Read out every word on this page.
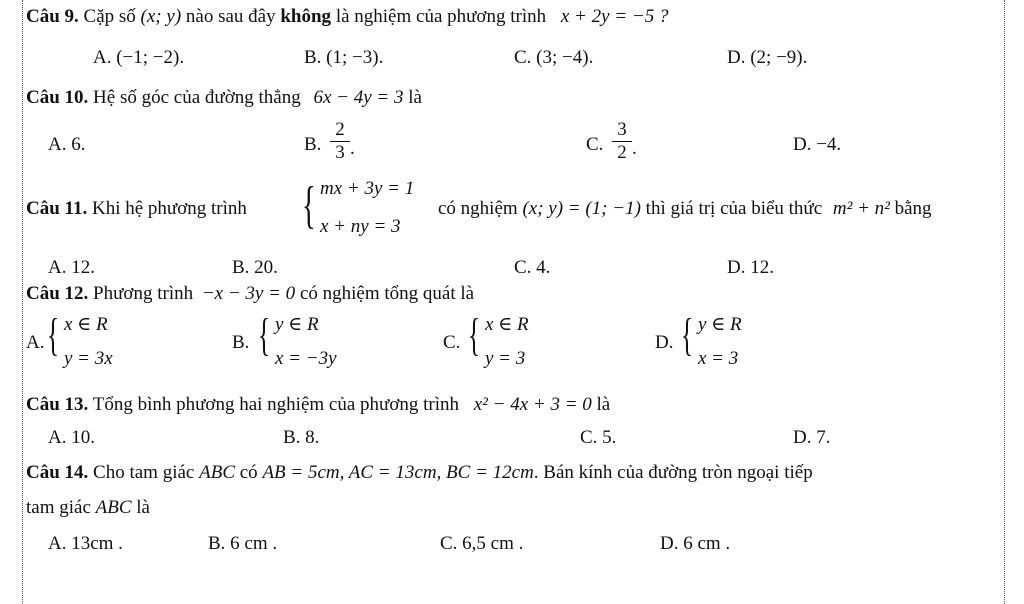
Câu 9. Cặp số (x; y) nào sau đây không là nghiệm của phương trình x + 2y = −5 ?
A. (−1; −2).	B. (1; −3).	C. (3; −4).	D. (2; −9).
Câu 10. Hệ số góc của đường thẳng 6x − 4y = 3 là
A. 6.	B.
2
3 .	C.
3
2 .	D. −4.
Câu 11. Khi hệ phương trình { mx + 3y = 1
x + ny = 3
có nghiệm (x; y) = (1; −1) thì giá trị của biểu thức m² + n² bằng
A. 12.	B. 20.	C. 4.	D. 12.
Câu 12. Phương trình −x − 3y = 0 có nghiệm tổng quát là
A. { x ∈ R
y = 3x
B. { y ∈ R
x = −3y
C. { x ∈ R
y = 3
D. { y ∈ R
x = 3
Câu 13. Tổng bình phương hai nghiệm của phương trình x² − 4x + 3 = 0 là
A. 10.	B. 8.	C. 5.	D. 7.
Câu 14. Cho tam giác ABC có AB = 5cm, AC = 13cm, BC = 12cm. Bán kính của đường tròn ngoại tiếp
tam giác ABC là
A. 13cm .	B. 6 cm .	C. 6,5 cm .	D. 6 cm .
